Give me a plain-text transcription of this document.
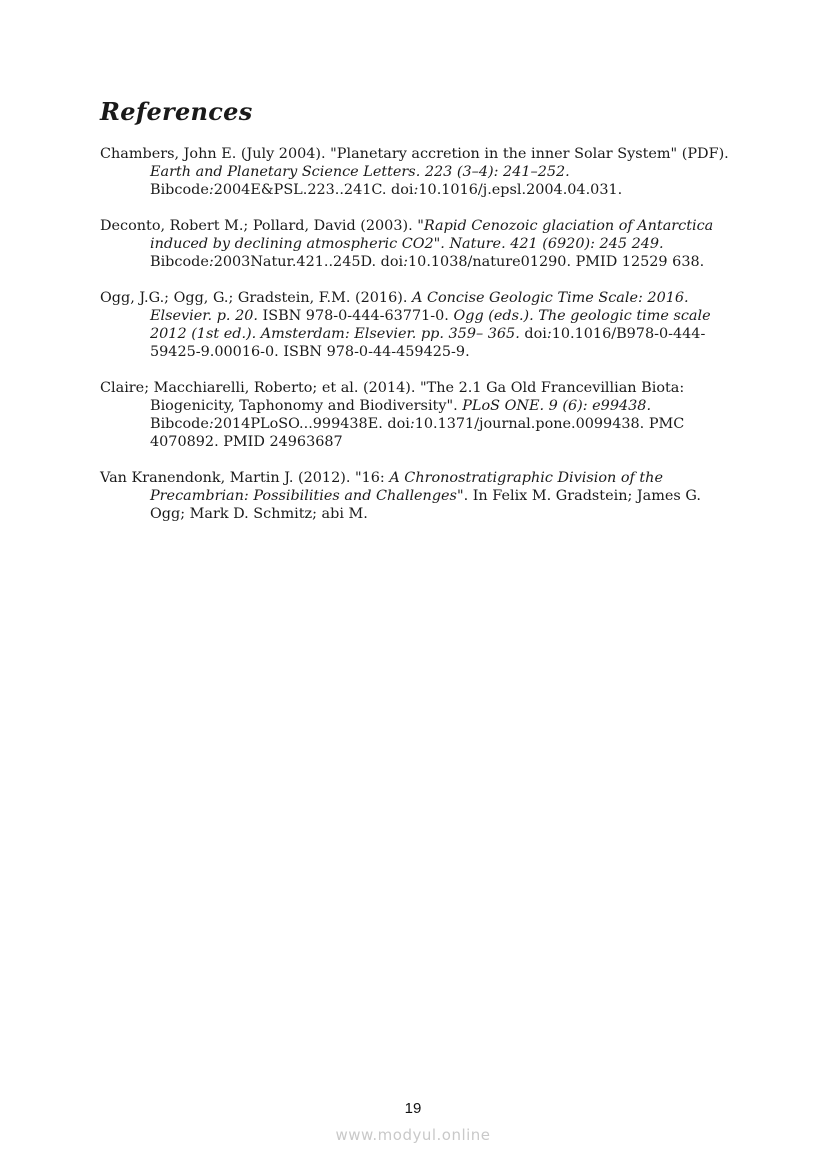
References

Chambers, John E. (July 2004). "Planetary accretion in the inner Solar System" (PDF). Earth and Planetary Science Letters. 223 (3–4): 241–252. Bibcode:2004E&PSL.223..241C. doi:10.1016/j.epsl.2004.04.031.

Deconto, Robert M.; Pollard, David (2003). "Rapid Cenozoic glaciation of Antarctica induced by declining atmospheric CO2". Nature. 421 (6920): 245 249. Bibcode:2003Natur.421..245D. doi:10.1038/nature01290. PMID 12529 638.

Ogg, J.G.; Ogg, G.; Gradstein, F.M. (2016). A Concise Geologic Time Scale: 2016. Elsevier. p. 20. ISBN 978-0-444-63771-0. Ogg (eds.). The geologic time scale 2012 (1st ed.). Amsterdam: Elsevier. pp. 359– 365. doi:10.1016/B978-0-444-59425-9.00016-0. ISBN 978-0-44-459425-9.

Claire; Macchiarelli, Roberto; et al. (2014). "The 2.1 Ga Old Francevillian Biota: Biogenicity, Taphonomy and Biodiversity". PLoS ONE. 9 (6): e99438. Bibcode:2014PLoSO...999438E. doi:10.1371/journal.pone.0099438. PMC 4070892. PMID 24963687

Van Kranendonk, Martin J. (2012). "16: A Chronostratigraphic Division of the Precambrian: Possibilities and Challenges". In Felix M. Gradstein; James G. Ogg; Mark D. Schmitz; abi M.

19
www.modyul.online
